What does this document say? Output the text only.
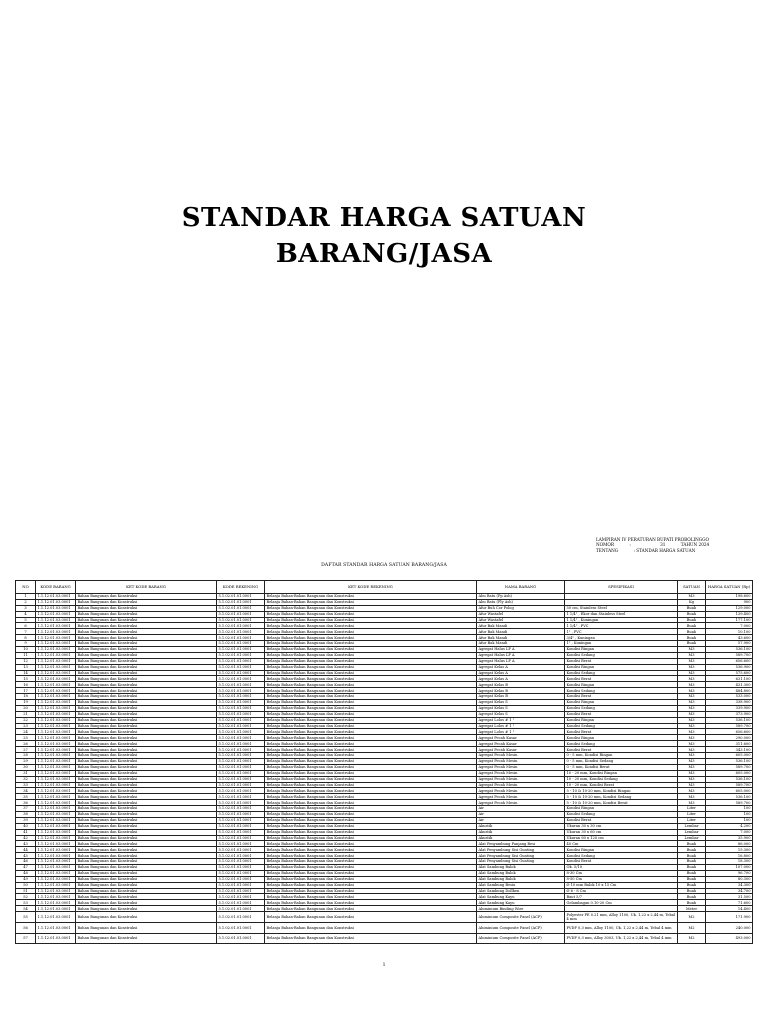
STANDAR HARGA SATUAN
BARANG/JASA
LAMPIRAN IV PERATURAN BUPATI PROBOLINGGO
NOMOR	:	31	TAHUN 2024
TENTANG	: STANDAR HARGA SATUAN
DAFTAR STANDAR HARGA SATUAN BARANG/JASA
NO	KODE BARANG	KET KODE BARANG	KODE REKENING	KET KODE REKENING	NAMA BARANG	SPESIFIKASI	SATUAN	HARGA SATUAN (Rp)
1	1.1.12.01.03.0001	Bahan Bangunan dan Konstruksi	5.1.02.01.01.0001	Belanja Bahan-Bahan Bangunan dan Konstruksi	Abu Batu (Pp Ash)		M3	198.600
2	1.1.12.01.03.0001	Bahan Bangunan dan Konstruksi	5.1.02.01.01.0001	Belanja Bahan-Bahan Bangunan dan Konstruksi	Abu Batu (Fly Ash)		Kg	900
3	1.1.12.01.03.0001	Bahan Bangunan dan Konstruksi	5.1.02.01.01.0001	Belanja Bahan-Bahan Bangunan dan Konstruksi	Afur Buh Cor Polog	50 cm, Stainless Steel	Buah	129.000
4	1.1.12.01.03.0001	Bahan Bangunan dan Konstruksi	5.1.02.01.01.0001	Belanja Bahan-Bahan Bangunan dan Konstruksi	Afur Wastafel	1 1/4" , Ekor dan Stainless Steel	Buah	139.400
5	1.1.12.01.03.0001	Bahan Bangunan dan Konstruksi	5.1.02.01.01.0001	Belanja Bahan-Bahan Bangunan dan Konstruksi	Afur Wastafel	1 1/4" , Kuningan	Buah	177.100
6	1.1.12.01.03.0001	Bahan Bangunan dan Konstruksi	5.1.02.01.01.0001	Belanja Bahan-Bahan Bangunan dan Konstruksi	Afur Bak Mandi	1 1/4" , PVC	Buah	7.000
7	1.1.12.01.03.0001	Bahan Bangunan dan Konstruksi	5.1.02.01.01.0001	Belanja Bahan-Bahan Bangunan dan Konstruksi	Afur Bak Mandi	1" , PVC	Buah	10.100
8	1.1.12.01.03.0001	Bahan Bangunan dan Konstruksi	5.1.02.01.01.0001	Belanja Bahan-Bahan Bangunan dan Konstruksi	Afur Bak Mandi	3/4" , Kuningan	Buah	43.600
9	1.1.12.01.03.0001	Bahan Bangunan dan Konstruksi	5.1.02.01.01.0001	Belanja Bahan-Bahan Bangunan dan Konstruksi	Afur Bak Mandi	1" , Kuningan	Buah	57.900
10	1.1.12.01.03.0001	Bahan Bangunan dan Konstruksi	5.1.02.01.01.0001	Belanja Bahan-Bahan Bangunan dan Konstruksi	Agregat Halus LP A	Kondisi Ringan	M3	536.100
11	1.1.12.01.03.0001	Bahan Bangunan dan Konstruksi	5.1.02.01.01.0001	Belanja Bahan-Bahan Bangunan dan Konstruksi	Agregat Halus LP A	Kondisi Sedang	M3	589.700
12	1.1.12.01.03.0001	Bahan Bangunan dan Konstruksi	5.1.02.01.01.0001	Belanja Bahan-Bahan Bangunan dan Konstruksi	Agregat Halus LP A	Kondisi Berat	M3	656.600
13	1.1.12.01.03.0001	Bahan Bangunan dan Konstruksi	5.1.02.01.01.0001	Belanja Bahan-Bahan Bangunan dan Konstruksi	Agregat Kelas A	Kondisi Ringan	M3	536.900
14	1.1.12.01.03.0001	Bahan Bangunan dan Konstruksi	5.1.02.01.01.0001	Belanja Bahan-Bahan Bangunan dan Konstruksi	Agregat Kelas A	Kondisi Sedang	M3	575.600
15	1.1.12.01.03.0001	Bahan Bangunan dan Konstruksi	5.1.02.01.01.0001	Belanja Bahan-Bahan Bangunan dan Konstruksi	Agregat Kelas A	Kondisi Berat	M3	631.100
16	1.1.12.01.03.0001	Bahan Bangunan dan Konstruksi	5.1.02.01.01.0001	Belanja Bahan-Bahan Bangunan dan Konstruksi	Agregat Kelas B	Kondisi Ringan	M3	431.300
17	1.1.12.01.03.0001	Bahan Bangunan dan Konstruksi	5.1.02.01.01.0001	Belanja Bahan-Bahan Bangunan dan Konstruksi	Agregat Kelas B	Kondisi Sedang	M3	484.800
18	1.1.12.01.03.0001	Bahan Bangunan dan Konstruksi	5.1.02.01.01.0001	Belanja Bahan-Bahan Bangunan dan Konstruksi	Agregat Kelas B	Kondisi Berat	M3	533.000
19	1.1.12.01.03.0001	Bahan Bangunan dan Konstruksi	5.1.02.01.01.0001	Belanja Bahan-Bahan Bangunan dan Konstruksi	Agregat Kelas S	Kondisi Ringan	M3	338.900
20	1.1.12.01.03.0001	Bahan Bangunan dan Konstruksi	5.1.02.01.01.0001	Belanja Bahan-Bahan Bangunan dan Konstruksi	Agregat Kelas S	Kondisi Sedang	M3	339.900
21	1.1.12.01.03.0001	Bahan Bangunan dan Konstruksi	5.1.02.01.01.0001	Belanja Bahan-Bahan Bangunan dan Konstruksi	Agregat Kelas S	Kondisi Berat	M3	373.900
22	1.1.12.01.03.0001	Bahan Bangunan dan Konstruksi	5.1.02.01.01.0001	Belanja Bahan-Bahan Bangunan dan Konstruksi	Agregat Lolos # 1 "	Kondisi Ringan	M3	536.100
23	1.1.12.01.03.0001	Bahan Bangunan dan Konstruksi	5.1.02.01.01.0001	Belanja Bahan-Bahan Bangunan dan Konstruksi	Agregat Lolos # 1 "	Kondisi Sedang	M3	589.700
24	1.1.12.01.03.0001	Bahan Bangunan dan Konstruksi	5.1.02.01.01.0001	Belanja Bahan-Bahan Bangunan dan Konstruksi	Agregat Lolos # 1 "	Kondisi Berat	M3	656.600
25	1.1.12.01.03.0001	Bahan Bangunan dan Konstruksi	5.1.02.01.01.0001	Belanja Bahan-Bahan Bangunan dan Konstruksi	Agregat Pecah Kasar	Kondisi Ringan	M3	290.000
26	1.1.12.01.03.0001	Bahan Bangunan dan Konstruksi	5.1.02.01.01.0001	Belanja Bahan-Bahan Bangunan dan Konstruksi	Agregat Pecah Kasar	Kondisi Sedang	M3	311.600
27	1.1.12.01.03.0001	Bahan Bangunan dan Konstruksi	5.1.02.01.01.0001	Belanja Bahan-Bahan Bangunan dan Konstruksi	Agregat Pecah Kasar	Kondisi Berat	M3	343.100
28	1.1.12.01.03.0001	Bahan Bangunan dan Konstruksi	5.1.02.01.01.0001	Belanja Bahan-Bahan Bangunan dan Konstruksi	Agregat Pecah Mesin	0 - 5 mm, Kondisi Ringan	M3	605.000
29	1.1.12.01.03.0001	Bahan Bangunan dan Konstruksi	5.1.02.01.01.0001	Belanja Bahan-Bahan Bangunan dan Konstruksi	Agregat Pecah Mesin	0 - 5 mm, Kondisi Sedang	M3	536.100
30	1.1.12.01.03.0001	Bahan Bangunan dan Konstruksi	5.1.02.01.01.0001	Belanja Bahan-Bahan Bangunan dan Konstruksi	Agregat Pecah Mesin	0 - 5 mm, Kondisi Berat	M3	589.700
31	1.1.12.01.03.0001	Bahan Bangunan dan Konstruksi	5.1.02.01.01.0001	Belanja Bahan-Bahan Bangunan dan Konstruksi	Agregat Pecah Mesin	10 - 20 mm, Kondisi Ringan	M3	605.000
32	1.1.12.01.03.0001	Bahan Bangunan dan Konstruksi	5.1.02.01.01.0001	Belanja Bahan-Bahan Bangunan dan Konstruksi	Agregat Pecah Mesin	10 - 20 mm, Kondisi Sedang	M3	536.100
33	1.1.12.01.03.0001	Bahan Bangunan dan Konstruksi	5.1.02.01.01.0001	Belanja Bahan-Bahan Bangunan dan Konstruksi	Agregat Pecah Mesin	10 - 20 mm, Kondisi Berat	M3	589.700
34	1.1.12.01.03.0001	Bahan Bangunan dan Konstruksi	5.1.02.01.01.0001	Belanja Bahan-Bahan Bangunan dan Konstruksi	Agregat Pecah Mesin	5 - 10 & 10-20 mm, Kondisi Ringan	M3	605.000
35	1.1.12.01.03.0001	Bahan Bangunan dan Konstruksi	5.1.02.01.01.0001	Belanja Bahan-Bahan Bangunan dan Konstruksi	Agregat Pecah Mesin	5 - 10 & 10-20 mm, Kondisi Sedang	M3	536.100
36	1.1.12.01.03.0001	Bahan Bangunan dan Konstruksi	5.1.02.01.01.0001	Belanja Bahan-Bahan Bangunan dan Konstruksi	Agregat Pecah Mesin	5 - 10 & 10-20 mm, Kondisi Berat	M3	589.700
37	1.1.12.01.03.0001	Bahan Bangunan dan Konstruksi	5.1.02.01.01.0001	Belanja Bahan-Bahan Bangunan dan Konstruksi	Air	Kondisi Ringan	Liter	100
38	1.1.12.01.03.0001	Bahan Bangunan dan Konstruksi	5.1.02.01.01.0001	Belanja Bahan-Bahan Bangunan dan Konstruksi	Air	Kondisi Sedang	Liter	100
39	1.1.12.01.03.0001	Bahan Bangunan dan Konstruksi	5.1.02.01.01.0001	Belanja Bahan-Bahan Bangunan dan Konstruksi	Air	Kondisi Berat	Liter	100
40	1.1.12.01.03.0001	Bahan Bangunan dan Konstruksi	5.1.02.01.01.0001	Belanja Bahan-Bahan Bangunan dan Konstruksi	Akustik	Ukuran 30 x 30 cm	Lembar	4.200
41	1.1.12.01.03.0001	Bahan Bangunan dan Konstruksi	5.1.02.01.01.0001	Belanja Bahan-Bahan Bangunan dan Konstruksi	Akustik	Ukuran 30 x 60 cm	Lembar	7.000
42	1.1.12.01.03.0001	Bahan Bangunan dan Konstruksi	5.1.02.01.01.0001	Belanja Bahan-Bahan Bangunan dan Konstruksi	Akustik	Ukuran 60 x 120 cm	Lembar	35.900
43	1.1.12.01.03.0001	Bahan Bangunan dan Konstruksi	5.1.02.01.01.0001	Belanja Bahan-Bahan Bangunan dan Konstruksi	Alat Penyambung Panjang Besi	40 Cm	Buah	86.000
44	1.1.12.01.03.0001	Bahan Bangunan dan Konstruksi	5.1.02.01.01.0001	Belanja Bahan-Bahan Bangunan dan Konstruksi	Alat Penyambung Sisi Gunting	Kondisi Ringan	Buah	15.300
45	1.1.12.01.03.0001	Bahan Bangunan dan Konstruksi	5.1.02.01.01.0001	Belanja Bahan-Bahan Bangunan dan Konstruksi	Alat Penyambung Sisi Gunting	Kondisi Sedang	Buah	16.800
46	1.1.12.01.03.0001	Bahan Bangunan dan Konstruksi	5.1.02.01.01.0001	Belanja Bahan-Bahan Bangunan dan Konstruksi	Alat Penyambung Sisi Gunting	Kondisi Berat	Buah	18.300
47	1.1.12.01.03.0001	Bahan Bangunan dan Konstruksi	5.1.02.01.01.0001	Belanja Bahan-Bahan Bangunan dan Konstruksi	Alat Sambung Balok	Ok. 5/10	Buah	107.000
48	1.1.12.01.03.0001	Bahan Bangunan dan Konstruksi	5.1.02.01.01.0001	Belanja Bahan-Bahan Bangunan dan Konstruksi	Alat Sambung Balok	8-30 Cm	Buah	96.700
49	1.1.12.01.03.0001	Bahan Bangunan dan Konstruksi	5.1.02.01.01.0001	Belanja Bahan-Bahan Bangunan dan Konstruksi	Alat Sambung Balok	8-50 Cm	Buah	80.300
50	1.1.12.01.03.0001	Bahan Bangunan dan Konstruksi	5.1.02.01.01.0001	Belanja Bahan-Bahan Bangunan dan Konstruksi	Alat Sambung Besiu	Ø 10 mm Balok 10 x 15 Cm	Buah	34.300
51	1.1.12.01.03.0001	Bahan Bangunan dan Konstruksi	5.1.02.01.01.0001	Belanja Bahan-Bahan Bangunan dan Konstruksi	Alat Sambung Dollken	Ø 6 - 8 Cm	Buah	34.700
52	1.1.12.01.03.0001	Bahan Bangunan dan Konstruksi	5.1.02.01.01.0001	Belanja Bahan-Bahan Bangunan dan Konstruksi	Alat Sambung Kayu	Baut 5/7	Buah	31.500
53	1.1.12.01.03.0001	Bahan Bangunan dan Konstruksi	5.1.02.01.01.0001	Belanja Bahan-Bahan Bangunan dan Konstruksi	Alat Sambung Kayu	Gelambagan 0.10-20 Cm	Buah	71.600
54	1.1.12.01.03.0001	Bahan Bangunan dan Konstruksi	5.1.02.01.01.0001	Belanja Bahan-Bahan Bangunan dan Konstruksi	Aluminium Binding Wire		Meter	14.400
55	1.1.12.01.03.0001	Bahan Bangunan dan Konstruksi	5.1.02.01.01.0001	Belanja Bahan-Bahan Bangunan dan Konstruksi	Aluminium Composite Panel (ACP)	Polyester PE 0.21 mm, Alloy 1100, Uk. 1,22 x 2,44 m, Tebal 4 mm	M2	171.900
56	1.1.12.01.03.0001	Bahan Bangunan dan Konstruksi	5.1.02.01.01.0001	Belanja Bahan-Bahan Bangunan dan Konstruksi	Aluminium Composite Panel (ACP)	PVDF 0,3 mm, Alloy 1100, Uk. 1,22 x 2,44 m, Tebal 4 mm	M2	240.000
57	1.1.12.01.03.0001	Bahan Bangunan dan Konstruksi	5.1.02.01.01.0001	Belanja Bahan-Bahan Bangunan dan Konstruksi	Aluminium Composite Panel (ACP)	PVDF 0,3 mm, Alloy 3003, Uk. 1,22 x 2,44 m, Tebal 4 mm	M2	493.000
1
